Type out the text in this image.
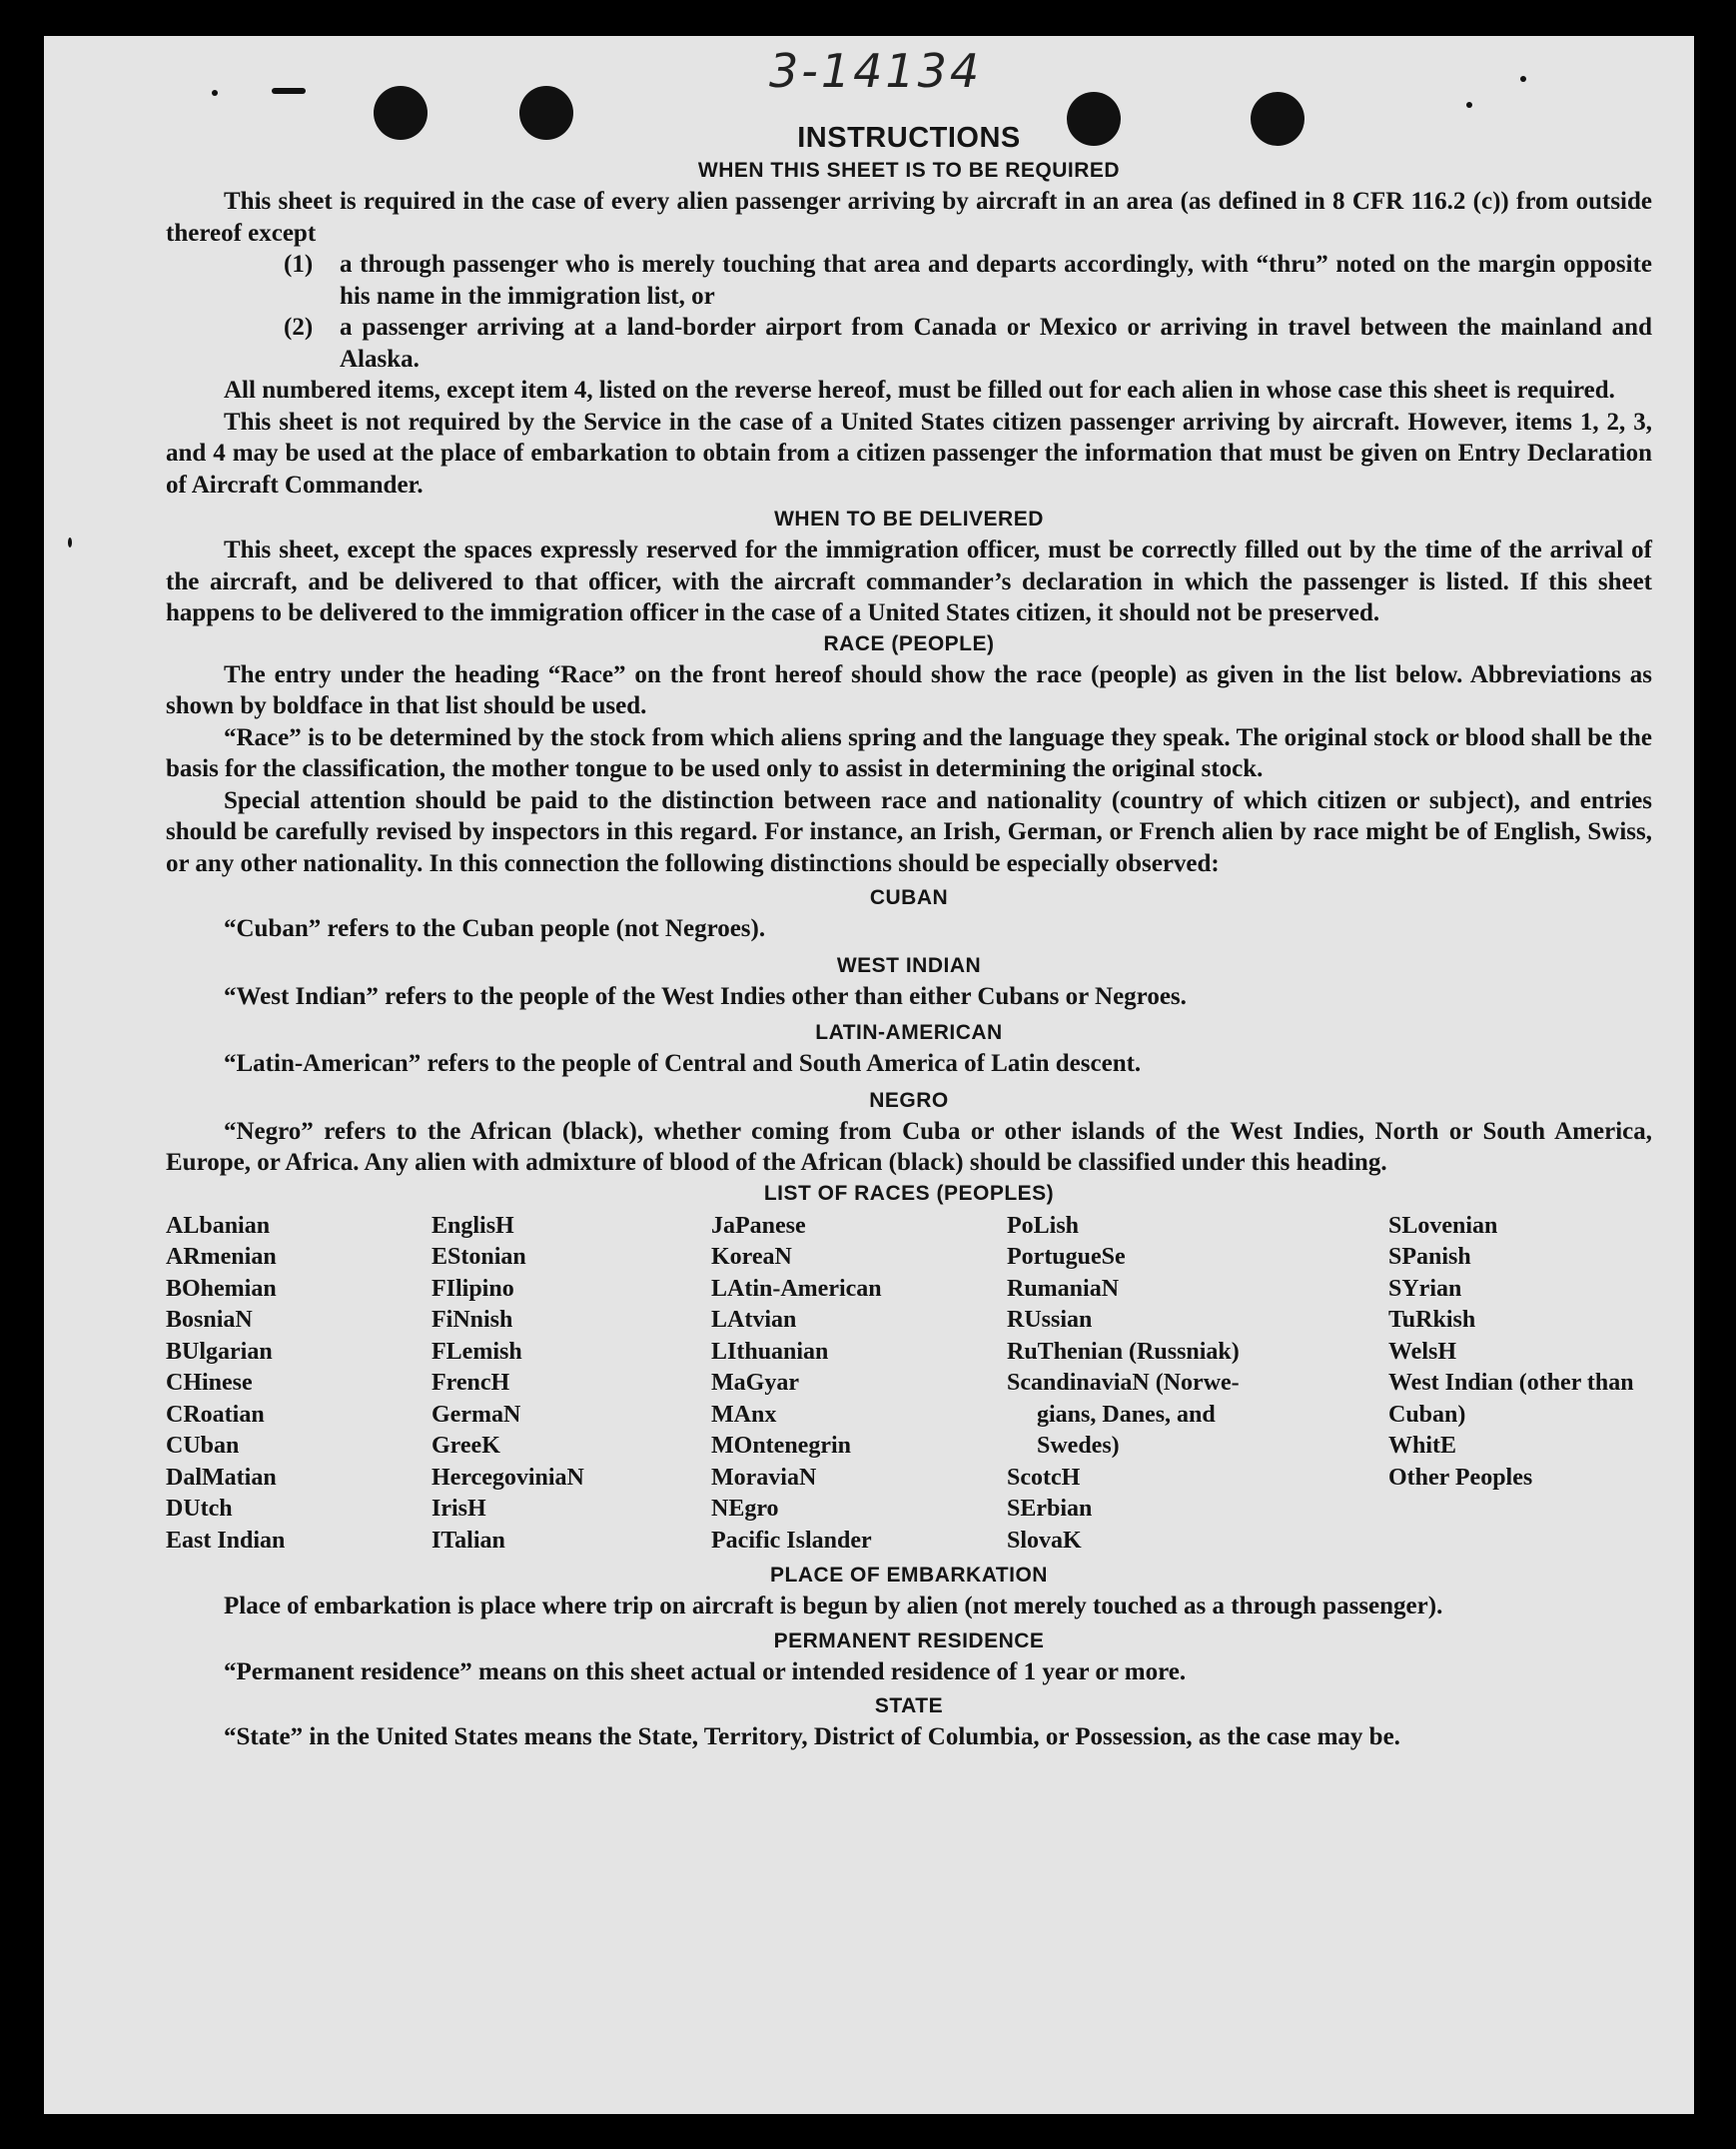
3-14134
INSTRUCTIONS
WHEN THIS SHEET IS TO BE REQUIRED

This sheet is required in the case of every alien passenger arriving by aircraft in an area (as defined in 8 CFR 116.2 (c)) from outside thereof except

(1)	a through passenger who is merely touching that area and departs accordingly, with “thru” noted on the margin opposite his name in the immigration list, or
(2)	a passenger arriving at a land-border airport from Canada or Mexico or arriving in travel between the mainland and Alaska.

All numbered items, except item 4, listed on the reverse hereof, must be filled out for each alien in whose case this sheet is required.

This sheet is not required by the Service in the case of a United States citizen passenger arriving by aircraft. However, items 1, 2, 3, and 4 may be used at the place of embarkation to obtain from a citizen passenger the information that must be given on Entry Declaration of Aircraft Commander.

WHEN TO BE DELIVERED

This sheet, except the spaces expressly reserved for the immigration officer, must be correctly filled out by the time of the arrival of the aircraft, and be delivered to that officer, with the aircraft commander’s declaration in which the passenger is listed. If this sheet happens to be delivered to the immigration officer in the case of a United States citizen, it should not be preserved.

RACE (PEOPLE)

The entry under the heading “Race” on the front hereof should show the race (people) as given in the list below. Abbreviations as shown by boldface in that list should be used.

“Race” is to be determined by the stock from which aliens spring and the language they speak. The original stock or blood shall be the basis for the classification, the mother tongue to be used only to assist in determining the original stock.

Special attention should be paid to the distinction between race and nationality (country of which citizen or subject), and entries should be carefully revised by inspectors in this regard. For instance, an Irish, German, or French alien by race might be of English, Swiss, or any other nationality. In this connection the following distinctions should be especially observed:

CUBAN

“Cuban” refers to the Cuban people (not Negroes).

WEST INDIAN

“West Indian” refers to the people of the West Indies other than either Cubans or Negroes.

LATIN-AMERICAN

“Latin-American” refers to the people of Central and South America of Latin descent.

NEGRO

“Negro” refers to the African (black), whether coming from Cuba or other islands of the West Indies, North or South America, Europe, or Africa. Any alien with admixture of blood of the African (black) should be classified under this heading.

LIST OF RACES (PEOPLES)
ALbanian
ARmenian
BOhemian
BosniaN
BUlgarian
CHinese
CRoatian
CUban
DalMatian
DUtch
East Indian
EnglisH
EStonian
FIlipino
FiNnish
FLemish
FrencH
GermaN
GreeK
HercegoviniaN
IrisH
ITalian
JaPanese
KoreaN
LAtin-American
LAtvian
LIthuanian
MaGyar
MAnx
MOntenegrin
MoraviaN
NEgro
Pacific Islander
PoLish
PortugueSe
RumaniaN
RUssian
RuThenian (Russniak)
ScandinaviaN (Norwe-
gians, Danes, and
Swedes)
ScotcH
SErbian
SlovaK
SLovenian
SPanish
SYrian
TuRkish
WelsH
West Indian (other than Cuban)
WhitE
Other Peoples
PLACE OF EMBARKATION

Place of embarkation is place where trip on aircraft is begun by alien (not merely touched as a through passenger).

PERMANENT RESIDENCE

“Permanent residence” means on this sheet actual or intended residence of 1 year or more.

STATE

“State” in the United States means the State, Territory, District of Columbia, or Possession, as the case may be.
